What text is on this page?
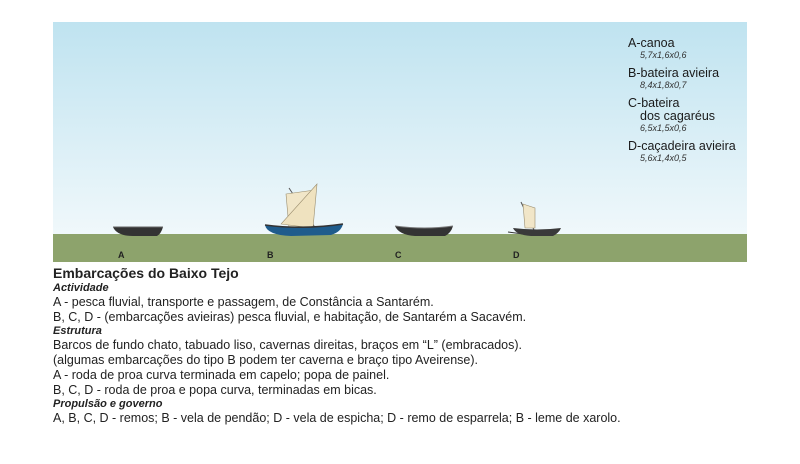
A	B	C	D
A-canoa
5,7x1,6x0,6
B-bateira avieira
8,4x1,8x0,7
C-bateira
dos cagaréus
6,5x1,5x0,6
D-caçadeira avieira
5,6x1,4x0,5

Embarcações do Baixo Tejo

Actividade

A - pesca fluvial, transporte e passagem, de Constância a Santarém.

B, C, D - (embarcações avieiras) pesca fluvial, e habitação, de Santarém a Sacavém.

Estrutura

Barcos de fundo chato, tabuado liso, cavernas direitas, braços em “L” (embracados).

(algumas embarcações do tipo B podem ter caverna e braço tipo Aveirense).

A - roda de proa curva terminada em capelo; popa de painel.

B, C, D - roda de proa e popa curva, terminadas em bicas.

Propulsão e governo

A, B, C, D - remos; B - vela de pendão; D - vela de espicha; D - remo de esparrela; B - leme de xarolo.
